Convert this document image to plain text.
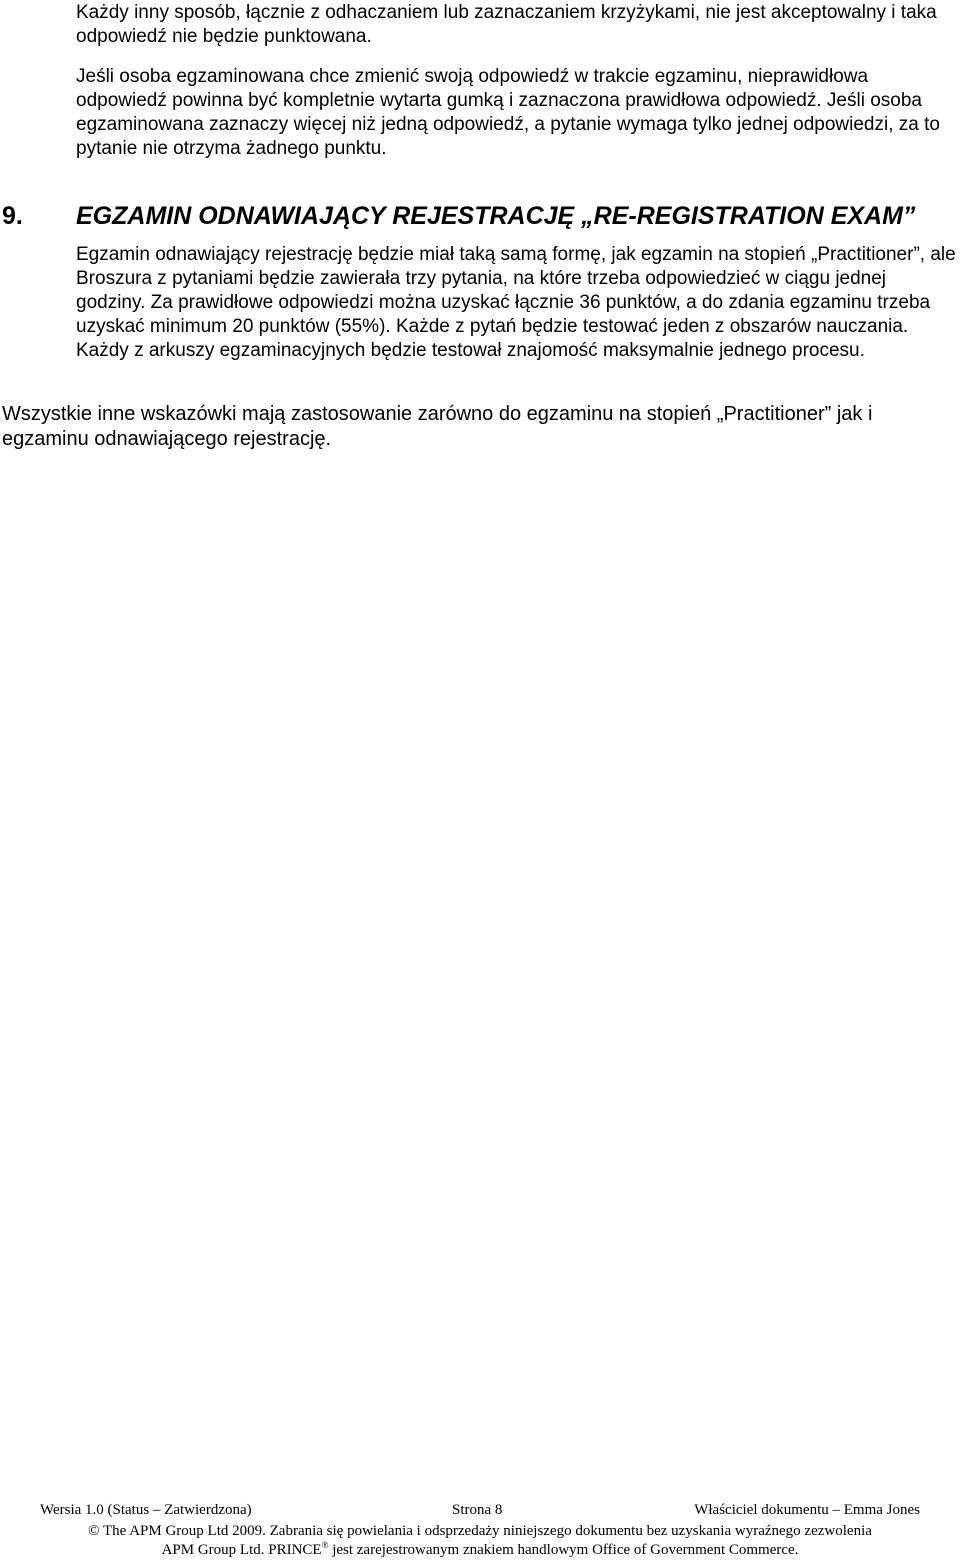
Każdy inny sposób, łącznie z odhaczaniem lub zaznaczaniem krzyżykami, nie jest akceptowalny i taka odpowiedź nie będzie punktowana.

Jeśli osoba egzaminowana chce zmienić swoją odpowiedź w trakcie egzaminu, nieprawidłowa odpowiedź powinna być kompletnie wytarta gumką i zaznaczona prawidłowa odpowiedź. Jeśli osoba egzaminowana zaznaczy więcej niż jedną odpowiedź, a pytanie wymaga tylko jednej odpowiedzi, za to pytanie nie otrzyma żadnego punktu.

9. EGZAMIN ODNAWIAJĄCY REJESTRACJĘ „RE-REGISTRATION EXAM”

Egzamin odnawiający rejestrację będzie miał taką samą formę, jak egzamin na stopień „Practitioner”, ale Broszura z pytaniami będzie zawierała trzy pytania, na które trzeba odpowiedzieć w ciągu jednej godziny. Za prawidłowe odpowiedzi można uzyskać łącznie 36 punktów, a do zdania egzaminu trzeba uzyskać minimum 20 punktów (55%). Każde z pytań będzie testować jeden z obszarów nauczania. Każdy z arkuszy egzaminacyjnych będzie testował znajomość maksymalnie jednego procesu.

Wszystkie inne wskazówki mają zastosowanie zarówno do egzaminu na stopień „Practitioner” jak i egzaminu odnawiającego rejestrację.

Wersia 1.0 (Status – Zatwierdzona)	Strona 8	Właściciel dokumentu – Emma Jones
© The APM Group Ltd 2009. Zabrania się powielania i odsprzedaży niniejszego dokumentu bez uzyskania wyraźnego zezwolenia
APM Group Ltd. PRINCE® jest zarejestrowanym znakiem handlowym Office of Government Commerce.
